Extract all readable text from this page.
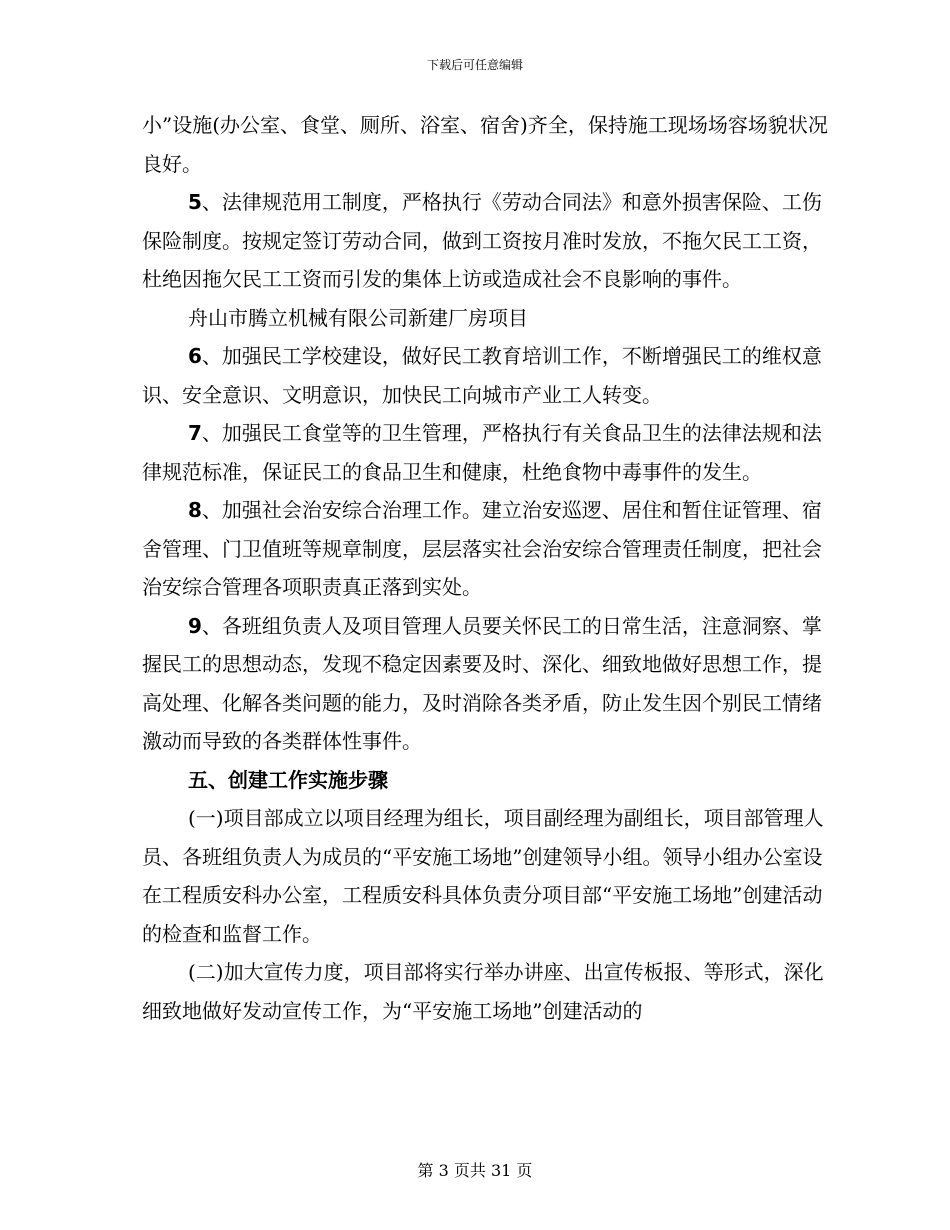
下载后可任意编辑

小”设施(办公室、食堂、厕所、浴室、宿舍)齐全，保持施工现场场容场貌状况良好。

5、法律规范用工制度，严格执行《劳动合同法》和意外损害保险、工伤保险制度。按规定签订劳动合同，做到工资按月准时发放，不拖欠民工工资，杜绝因拖欠民工工资而引发的集体上访或造成社会不良影响的事件。

舟山市腾立机械有限公司新建厂房项目

6、加强民工学校建设，做好民工教育培训工作，不断增强民工的维权意识、安全意识、文明意识，加快民工向城市产业工人转变。

7、加强民工食堂等的卫生管理，严格执行有关食品卫生的法律法规和法律规范标准，保证民工的食品卫生和健康，杜绝食物中毒事件的发生。

8、加强社会治安综合治理工作。建立治安巡逻、居住和暂住证管理、宿舍管理、门卫值班等规章制度，层层落实社会治安综合管理责任制度，把社会治安综合管理各项职责真正落到实处。

9、各班组负责人及项目管理人员要关怀民工的日常生活，注意洞察、掌握民工的思想动态，发现不稳定因素要及时、深化、细致地做好思想工作，提高处理、化解各类问题的能力，及时消除各类矛盾，防止发生因个别民工情绪激动而导致的各类群体性事件。

五、创建工作实施步骤

(一)项目部成立以项目经理为组长，项目副经理为副组长，项目部管理人员、各班组负责人为成员的“平安施工场地”创建领导小组。领导小组办公室设在工程质安科办公室，工程质安科具体负责分项目部“平安施工场地”创建活动的检查和监督工作。

(二)加大宣传力度，项目部将实行举办讲座、出宣传板报、等形式，深化细致地做好发动宣传工作，为“平安施工场地”创建活动的

第 3 页共 31 页
